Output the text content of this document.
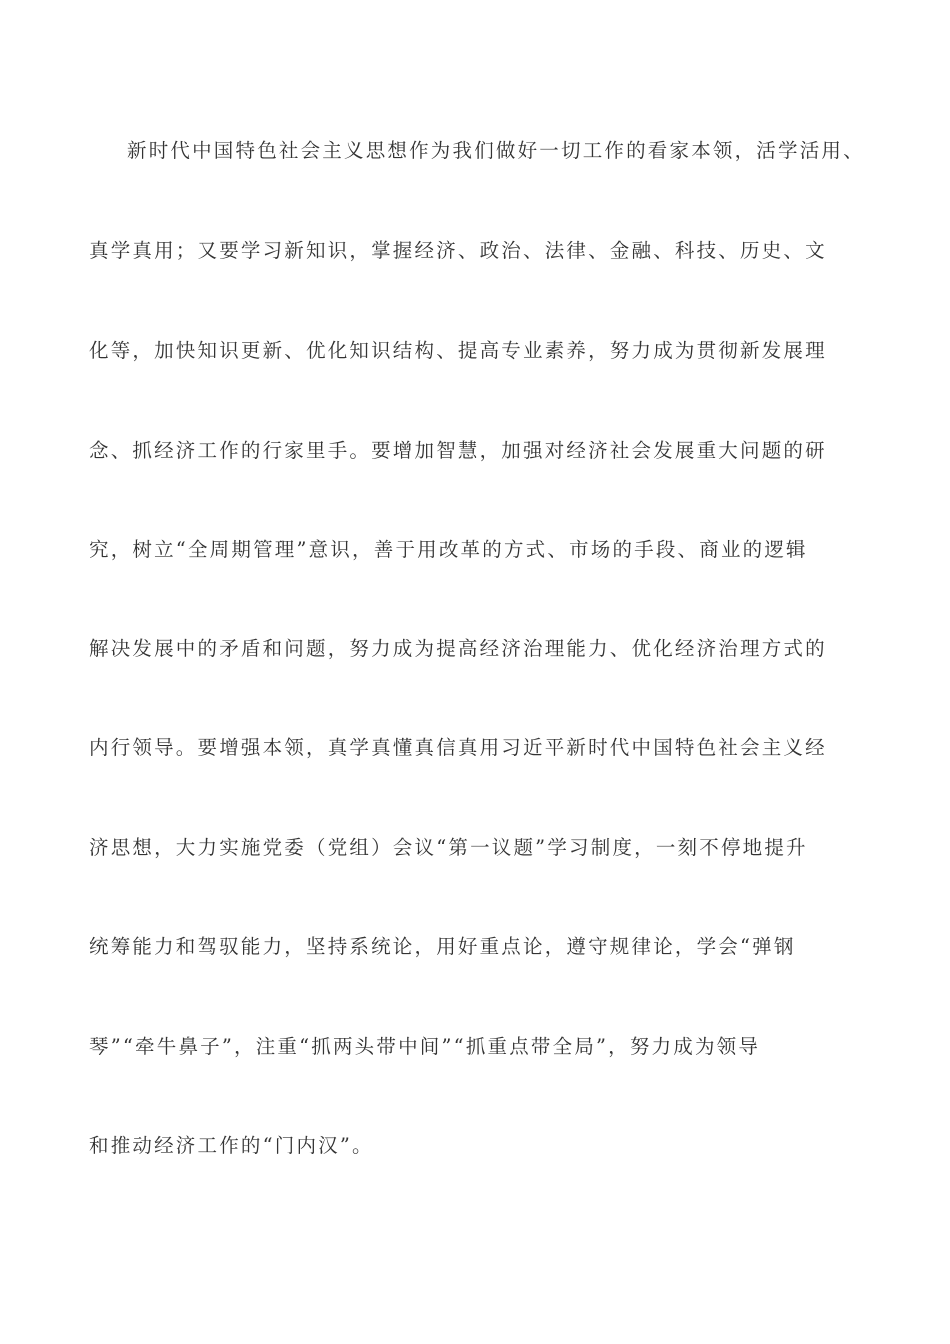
新时代中国特色社会主义思想作为我们做好一切工作的看家本领，活学活用、
真学真用；又要学习新知识，掌握经济、政治、法律、金融、科技、历史、文
化等，加快知识更新、优化知识结构、提高专业素养，努力成为贯彻新发展理
念、抓经济工作的行家里手。要增加智慧，加强对经济社会发展重大问题的研
究，树立“全周期管理”意识，善于用改革的方式、市场的手段、商业的逻辑
解决发展中的矛盾和问题，努力成为提高经济治理能力、优化经济治理方式的
内行领导。要增强本领，真学真懂真信真用习近平新时代中国特色社会主义经
济思想，大力实施党委（党组）会议“第一议题”学习制度，一刻不停地提升
统筹能力和驾驭能力，坚持系统论，用好重点论，遵守规律论，学会“弹钢
琴”“牵牛鼻子”，注重“抓两头带中间”“抓重点带全局”，努力成为领导
和推动经济工作的“门内汉”。
